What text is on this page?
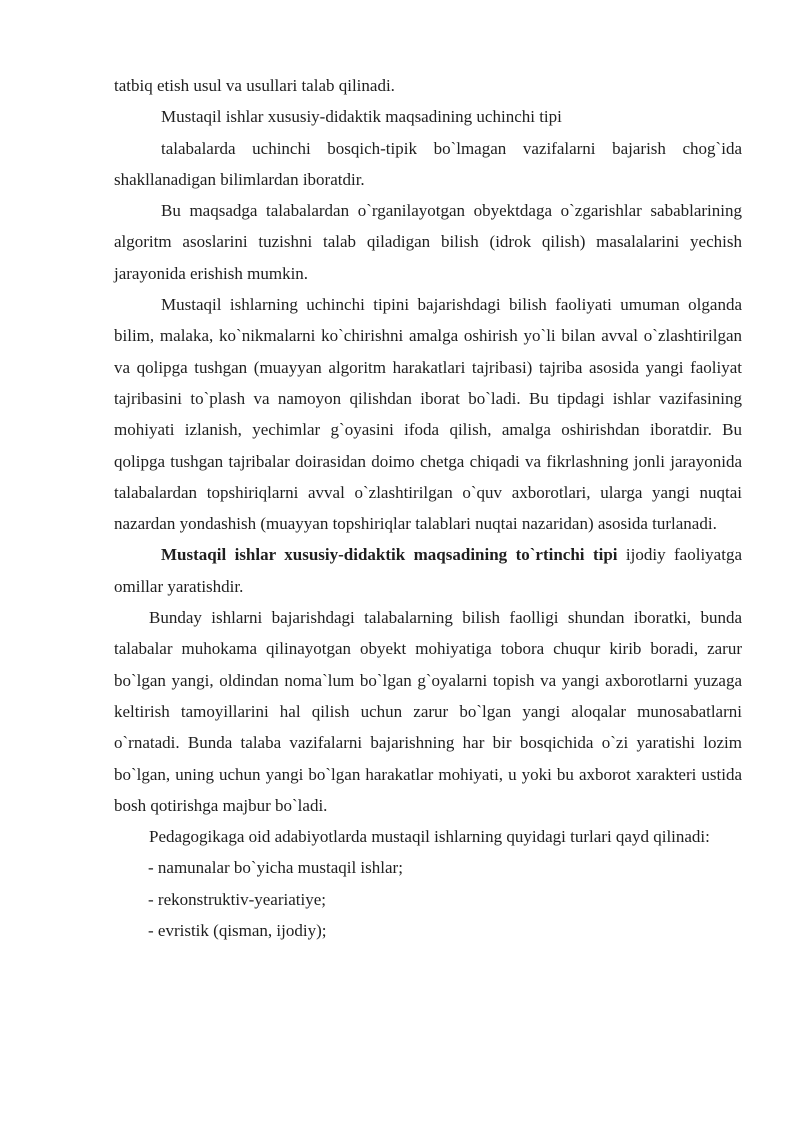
tatbiq etish usul va usullari talab qilinadi.

Mustaqil ishlar xususiy-didaktik maqsadining uchinchi tipi

talabalarda uchinchi bosqich-tipik bo`lmagan vazifalarni bajarish chog`ida shakllanadigan bilimlardan iboratdir.

Bu maqsadga talabalardan o`rganilayotgan obyektdaga o`zgarishlar sabablarining algoritm asoslarini tuzishni talab qiladigan bilish (idrok qilish) masalalarini yechish jarayonida erishish mumkin.

Mustaqil ishlarning uchinchi tipini bajarishdagi bilish faoliyati umuman olganda bilim, malaka, ko`nikmalarni ko`chirishni amalga oshirish yo`li bilan avval o`zlashtirilgan va qolipga tushgan (muayyan algoritm harakatlari tajribasi) tajriba asosida yangi faoliyat tajribasini to`plash va namoyon qilishdan iborat bo`ladi. Bu tipdagi ishlar vazifasining mohiyati izlanish, yechimlar g`oyasini ifoda qilish, amalga oshirishdan iboratdir. Bu qolipga tushgan tajribalar doirasidan doimo chetga chiqadi va fikrlashning jonli jarayonida talabalardan topshiriqlarni avval o`zlashtirilgan o`quv axborotlari, ularga yangi nuqtai nazardan yondashish (muayyan topshiriqlar talablari nuqtai nazaridan) asosida turlanadi.

Mustaqil ishlar xususiy-didaktik maqsadining to`rtinchi tipi ijodiy faoliyatga omillar yaratishdir.

Bunday ishlarni bajarishdagi talabalarning bilish faolligi shundan iboratki, bunda talabalar muhokama qilinayotgan obyekt mohiyatiga tobora chuqur kirib boradi, zarur bo`lgan yangi, oldindan noma`lum bo`lgan g`oyalarni topish va yangi axborotlarni yuzaga keltirish tamoyillarini hal qilish uchun zarur bo`lgan yangi aloqalar munosabatlarni o`rnatadi. Bunda talaba vazifalarni bajarishning har bir bosqichida o`zi yaratishi lozim bo`lgan, uning uchun yangi bo`lgan harakatlar mohiyati, u yoki bu axborot xarakteri ustida bosh qotirishga majbur bo`ladi.

Pedagogikaga oid adabiyotlarda mustaqil ishlarning quyidagi turlari qayd qilinadi:

- namunalar bo`yicha mustaqil ishlar;

- rekonstruktiv-yeariatiye;

- evristik (qisman, ijodiy);
